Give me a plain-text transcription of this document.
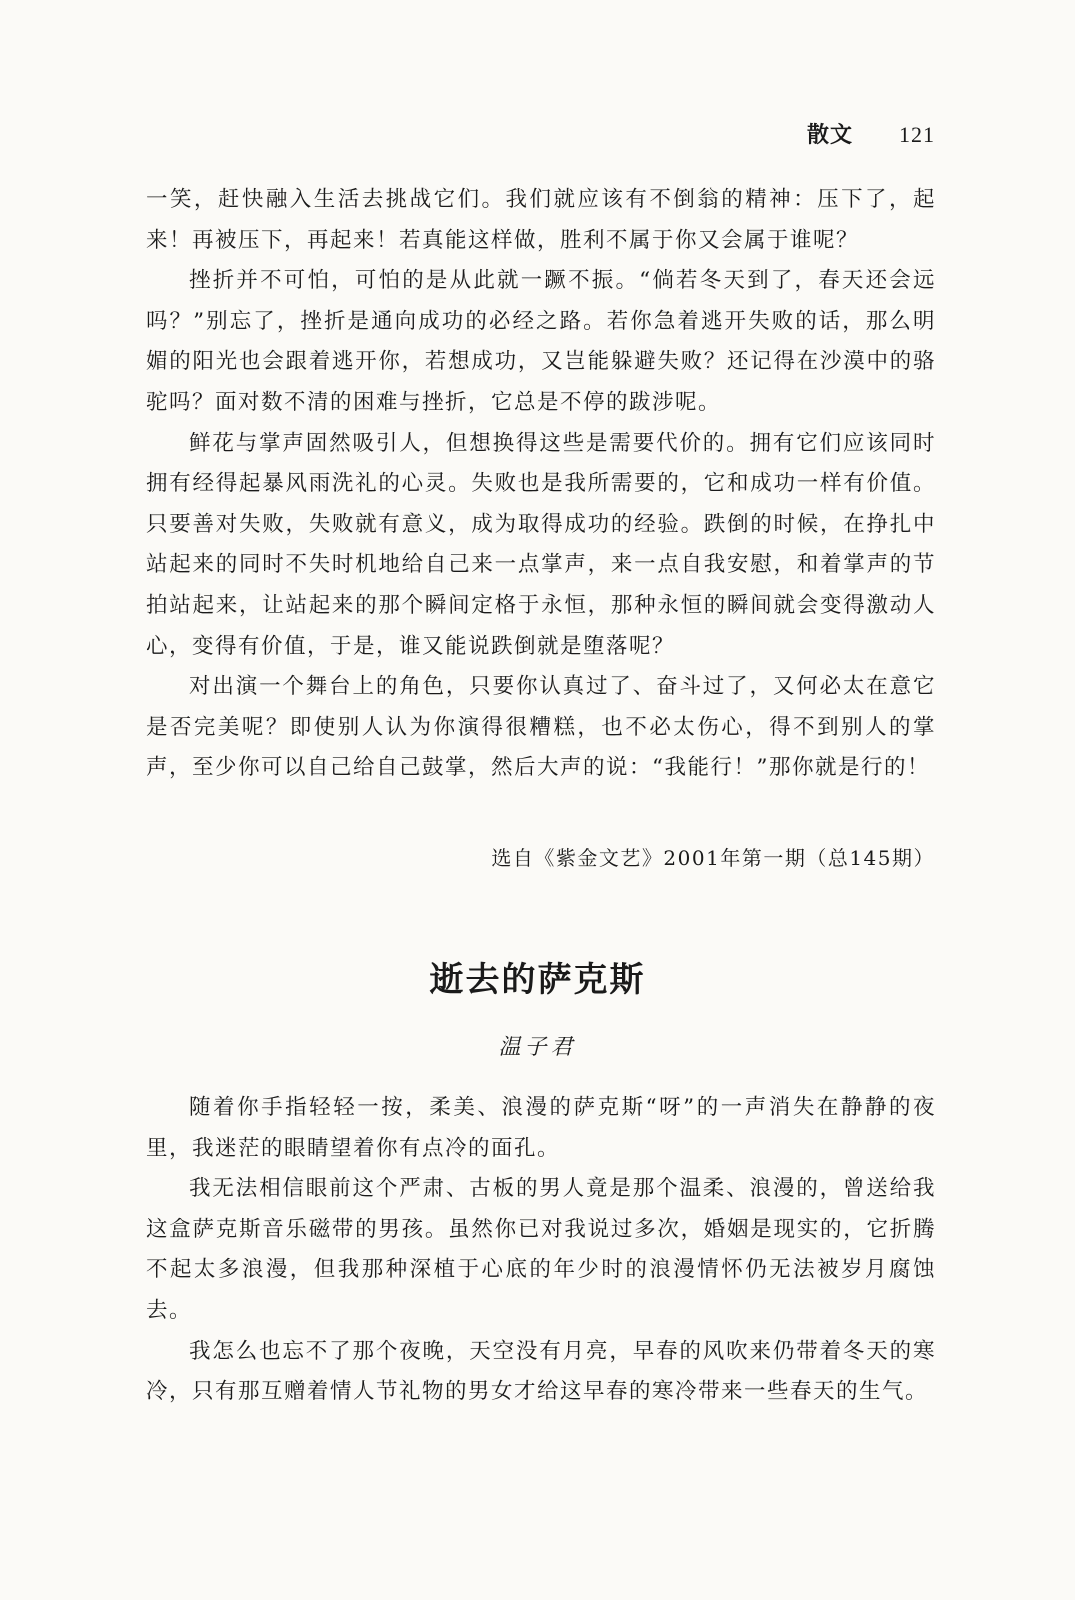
散文 121

一笑，赶快融入生活去挑战它们。我们就应该有不倒翁的精神：压下了，起来！再被压下，再起来！若真能这样做，胜利不属于你又会属于谁呢？

挫折并不可怕，可怕的是从此就一蹶不振。“倘若冬天到了，春天还会远吗？”别忘了，挫折是通向成功的必经之路。若你急着逃开失败的话，那么明媚的阳光也会跟着逃开你，若想成功，又岂能躲避失败？还记得在沙漠中的骆驼吗？面对数不清的困难与挫折，它总是不停的跋涉呢。

鲜花与掌声固然吸引人，但想换得这些是需要代价的。拥有它们应该同时拥有经得起暴风雨洗礼的心灵。失败也是我所需要的，它和成功一样有价值。只要善对失败，失败就有意义，成为取得成功的经验。跌倒的时候，在挣扎中站起来的同时不失时机地给自己来一点掌声，来一点自我安慰，和着掌声的节拍站起来，让站起来的那个瞬间定格于永恒，那种永恒的瞬间就会变得激动人心，变得有价值，于是，谁又能说跌倒就是堕落呢？

对出演一个舞台上的角色，只要你认真过了、奋斗过了，又何必太在意它是否完美呢？即使别人认为你演得很糟糕，也不必太伤心，得不到别人的掌声，至少你可以自己给自己鼓掌，然后大声的说：“我能行！”那你就是行的！

选自《紫金文艺》2001年第一期（总145期）
逝去的萨克斯
温子君

随着你手指轻轻一按，柔美、浪漫的萨克斯“呀”的一声消失在静静的夜里，我迷茫的眼睛望着你有点冷的面孔。

我无法相信眼前这个严肃、古板的男人竟是那个温柔、浪漫的，曾送给我这盒萨克斯音乐磁带的男孩。虽然你已对我说过多次，婚姻是现实的，它折腾不起太多浪漫，但我那种深植于心底的年少时的浪漫情怀仍无法被岁月腐蚀去。

我怎么也忘不了那个夜晚，天空没有月亮，早春的风吹来仍带着冬天的寒冷，只有那互赠着情人节礼物的男女才给这早春的寒冷带来一些春天的生气。
